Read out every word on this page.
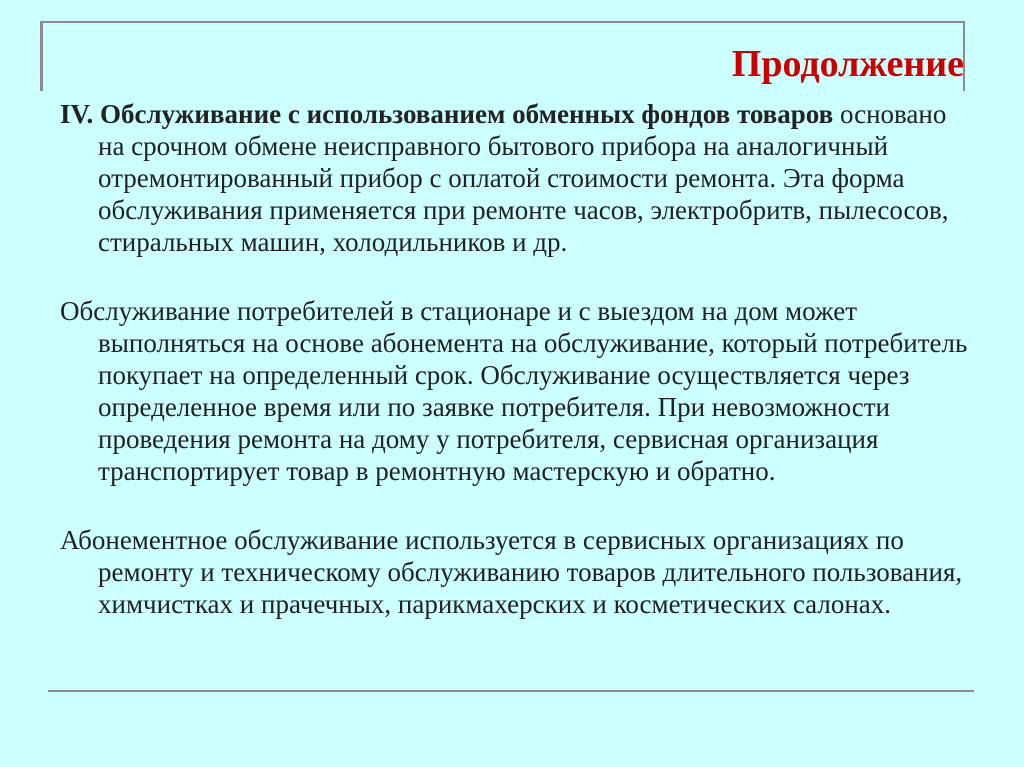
Продолжение

IV. Обслуживание с использованием обменных фондов товаров основано на срочном обмене неисправного бытового прибора на аналогичный отремонтированный прибор с оплатой стоимости ремонта. Эта форма обслуживания применяется при ремонте часов, электробритв, пылесосов, стиральных машин, холодильников и др.

Обслуживание потребителей в стационаре и с выездом на дом может выполняться на основе абонемента на обслуживание, который потребитель покупает на определенный срок. Обслуживание осуществляется через определенное время или по заявке потребителя. При невозможности проведения ремонта на дому у потребителя, сервисная организация транспортирует товар в ремонтную мастерскую и обратно.

Абонементное обслуживание используется в сервисных организациях по ремонту и техническому обслуживанию товаров длительного пользования, химчистках и прачечных, парикмахерских и косметических салонах.
